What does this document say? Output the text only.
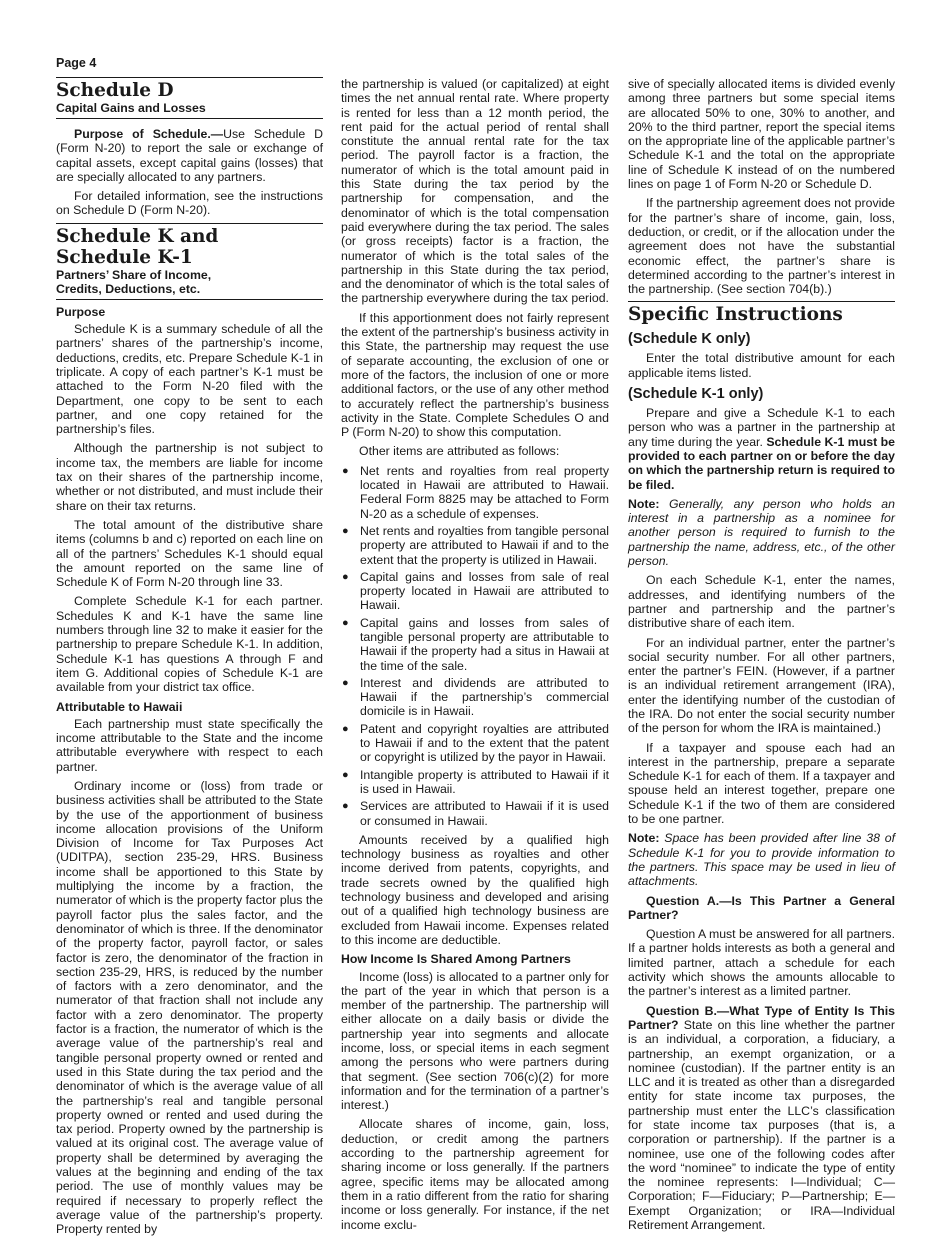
Page 4
Schedule D
Capital Gains and Losses

Purpose of Schedule.—Use Schedule D (Form N-20) to report the sale or exchange of capital assets, except capital gains (losses) that are specially allocated to any partners.

For detailed information, see the instructions on Schedule D (Form N-20).

Schedule K and
Schedule K-1
Partners’ Share of Income,
Credits, Deductions, etc.
Purpose

Schedule K is a summary schedule of all the partners’ shares of the partnership’s income, deductions, credits, etc. Prepare Schedule K-1 in triplicate. A copy of each partner’s K-1 must be attached to the Form N-20 filed with the Department, one copy to be sent to each partner, and one copy retained for the partnership’s files.

Although the partnership is not subject to income tax, the members are liable for income tax on their shares of the partnership income, whether or not distributed, and must include their share on their tax returns.

The total amount of the distributive share items (columns b and c) reported on each line on all of the partners’ Schedules K-1 should equal the amount reported on the same line of Schedule K of Form N-20 through line 33.

Complete Schedule K-1 for each partner. Schedules K and K-1 have the same line numbers through line 32 to make it easier for the partnership to prepare Schedule K-1. In addition, Schedule K-1 has questions A through F and item G. Additional copies of Schedule K-1 are available from your district tax office.

Attributable to Hawaii

Each partnership must state specifically the income attributable to the State and the income attributable everywhere with respect to each partner.

Ordinary income or (loss) from trade or business activities shall be attributed to the State by the use of the apportionment of business income allocation provisions of the Uniform Division of Income for Tax Purposes Act (UDITPA), section 235-29, HRS. Business income shall be apportioned to this State by multiplying the income by a fraction, the numerator of which is the property factor plus the payroll factor plus the sales factor, and the denominator of which is three. If the denominator of the property factor, payroll factor, or sales factor is zero, the denominator of the fraction in section 235-29, HRS, is reduced by the number of factors with a zero denominator, and the numerator of that fraction shall not include any factor with a zero denominator. The property factor is a fraction, the numerator of which is the average value of the partnership’s real and tangible personal property owned or rented and used in this State during the tax period and the denominator of which is the average value of all the partnership’s real and tangible personal property owned or rented and used during the tax period. Property owned by the partnership is valued at its original cost. The average value of property shall be determined by averaging the values at the beginning and ending of the tax period. The use of monthly values may be required if necessary to properly reflect the average value of the partnership’s property. Property rented by

the partnership is valued (or capitalized) at eight times the net annual rental rate. Where property is rented for less than a 12 month period, the rent paid for the actual period of rental shall constitute the annual rental rate for the tax period. The payroll factor is a fraction, the numerator of which is the total amount paid in this State during the tax period by the partnership for compensation, and the denominator of which is the total compensation paid everywhere during the tax period. The sales (or gross receipts) factor is a fraction, the numerator of which is the total sales of the partnership in this State during the tax period, and the denominator of which is the total sales of the partnership everywhere during the tax period.

If this apportionment does not fairly represent the extent of the partnership’s business activity in this State, the partnership may request the use of separate accounting, the exclusion of one or more of the factors, the inclusion of one or more additional factors, or the use of any other method to accurately reflect the partnership’s business activity in the State. Complete Schedules O and P (Form N-20) to show this computation.

Other items are attributed as follows:

● Net rents and royalties from real property located in Hawaii are attributed to Hawaii. Federal Form 8825 may be attached to Form N-20 as a schedule of expenses.
● Net rents and royalties from tangible personal property are attributed to Hawaii if and to the extent that the property is utilized in Hawaii.
● Capital gains and losses from sale of real property located in Hawaii are attributed to Hawaii.
● Capital gains and losses from sales of tangible personal property are attributable to Hawaii if the property had a situs in Hawaii at the time of the sale.
● Interest and dividends are attributed to Hawaii if the partnership’s commercial domicile is in Hawaii.
● Patent and copyright royalties are attributed to Hawaii if and to the extent that the patent or copyright is utilized by the payor in Hawaii.
● Intangible property is attributed to Hawaii if it is used in Hawaii.
● Services are attributed to Hawaii if it is used or consumed in Hawaii.

Amounts received by a qualified high technology business as royalties and other income derived from patents, copyrights, and trade secrets owned by the qualified high technology business and developed and arising out of a qualified high technology business are excluded from Hawaii income. Expenses related to this income are deductible.

How Income Is Shared Among Partners

Income (loss) is allocated to a partner only for the part of the year in which that person is a member of the partnership. The partnership will either allocate on a daily basis or divide the partnership year into segments and allocate income, loss, or special items in each segment among the persons who were partners during that segment. (See section 706(c)(2) for more information and for the termination of a partner’s interest.)

Allocate shares of income, gain, loss, deduction, or credit among the partners according to the partnership agreement for sharing income or loss generally. If the partners agree, specific items may be allocated among them in a ratio different from the ratio for sharing income or loss generally. For instance, if the net income exclu-

sive of specially allocated items is divided evenly among three partners but some special items are allocated 50% to one, 30% to another, and 20% to the third partner, report the special items on the appropriate line of the applicable partner’s Schedule K-1 and the total on the appropriate line of Schedule K instead of on the numbered lines on page 1 of Form N-20 or Schedule D.

If the partnership agreement does not provide for the partner’s share of income, gain, loss, deduction, or credit, or if the allocation under the agreement does not have the substantial economic effect, the partner’s share is determined according to the partner’s interest in the partnership. (See section 704(b).)

Specific Instructions
(Schedule K only)

Enter the total distributive amount for each applicable items listed.

(Schedule K-1 only)

Prepare and give a Schedule K-1 to each person who was a partner in the partnership at any time during the year. Schedule K-1 must be provided to each partner on or before the day on which the partnership return is required to be filed.

Note: Generally, any person who holds an interest in a partnership as a nominee for another person is required to furnish to the partnership the name, address, etc., of the other person.

On each Schedule K-1, enter the names, addresses, and identifying numbers of the partner and partnership and the partner’s distributive share of each item.

For an individual partner, enter the partner’s social security number. For all other partners, enter the partner’s FEIN. (However, if a partner is an individual retirement arrangement (IRA), enter the identifying number of the custodian of the IRA. Do not enter the social security number of the person for whom the IRA is maintained.)

If a taxpayer and spouse each had an interest in the partnership, prepare a separate Schedule K-1 for each of them. If a taxpayer and spouse held an interest together, prepare one Schedule K-1 if the two of them are considered to be one partner.

Note: Space has been provided after line 38 of Schedule K-1 for you to provide information to the partners. This space may be used in lieu of attachments.

Question A.—Is This Partner a General Partner?

Question A must be answered for all partners. If a partner holds interests as both a general and limited partner, attach a schedule for each activity which shows the amounts allocable to the partner’s interest as a limited partner.

Question B.—What Type of Entity Is This Partner? State on this line whether the partner is an individual, a corporation, a fiduciary, a partnership, an exempt organization, or a nominee (custodian). If the partner entity is an LLC and it is treated as other than a disregarded entity for state income tax purposes, the partnership must enter the LLC’s classification for state income tax purposes (that is, a corporation or partnership). If the partner is a nominee, use one of the following codes after the word “nominee” to indicate the type of entity the nominee represents: I—Individual; C—Corporation; F—Fiduciary; P—Partnership; E—Exempt Organization; or IRA—Individual Retirement Arrangement.
